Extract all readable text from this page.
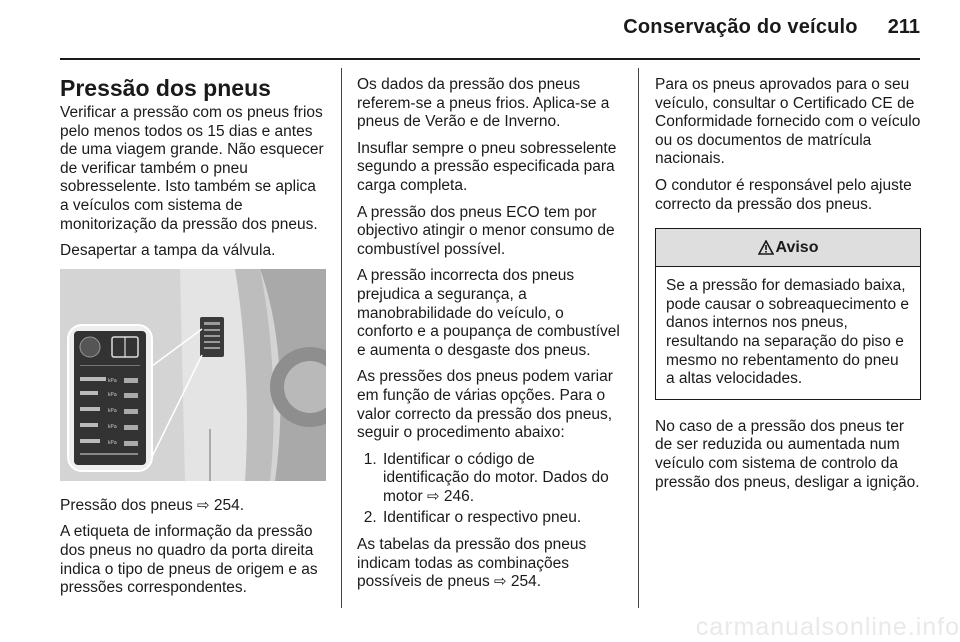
Conservação do veículo 211
Pressão dos pneus

Verificar a pressão com os pneus frios pelo menos todos os 15 dias e antes de uma viagem grande. Não esquecer de verificar também o pneu sobresselente. Isto também se aplica a veículos com sistema de monitorização da pressão dos pneus.

Desapertar a tampa da válvula.

kPa
kPa
kPa
kPa
kPa

Pressão dos pneus ⇨ 254.

A etiqueta de informação da pressão dos pneus no quadro da porta direita indica o tipo de pneus de origem e as pressões correspondentes.

Os dados da pressão dos pneus referem-se a pneus frios. Aplica-se a pneus de Verão e de Inverno.

Insuflar sempre o pneu sobresselente segundo a pressão especificada para carga completa.

A pressão dos pneus ECO tem por objectivo atingir o menor consumo de combustível possível.

A pressão incorrecta dos pneus prejudica a segurança, a manobrabilidade do veículo, o conforto e a poupança de combustível e aumenta o desgaste dos pneus.

As pressões dos pneus podem variar em função de várias opções. Para o valor correcto da pressão dos pneus, seguir o procedimento abaixo:

1. Identificar o código de identificação do motor. Dados do motor ⇨ 246.
2. Identificar o respectivo pneu.

As tabelas da pressão dos pneus indicam todas as combinações possíveis de pneus ⇨ 254.

Para os pneus aprovados para o seu veículo, consultar o Certificado CE de Conformidade fornecido com o veículo ou os documentos de matrícula nacionais.

O condutor é responsável pelo ajuste correcto da pressão dos pneus.

Aviso
Se a pressão for demasiado baixa, pode causar o sobreaquecimento e danos internos nos pneus, resultando na separação do piso e mesmo no rebentamento do pneu a altas velocidades.

No caso de a pressão dos pneus ter de ser reduzida ou aumentada num veículo com sistema de controlo da pressão dos pneus, desligar a ignição.

carmanualsonline.info
